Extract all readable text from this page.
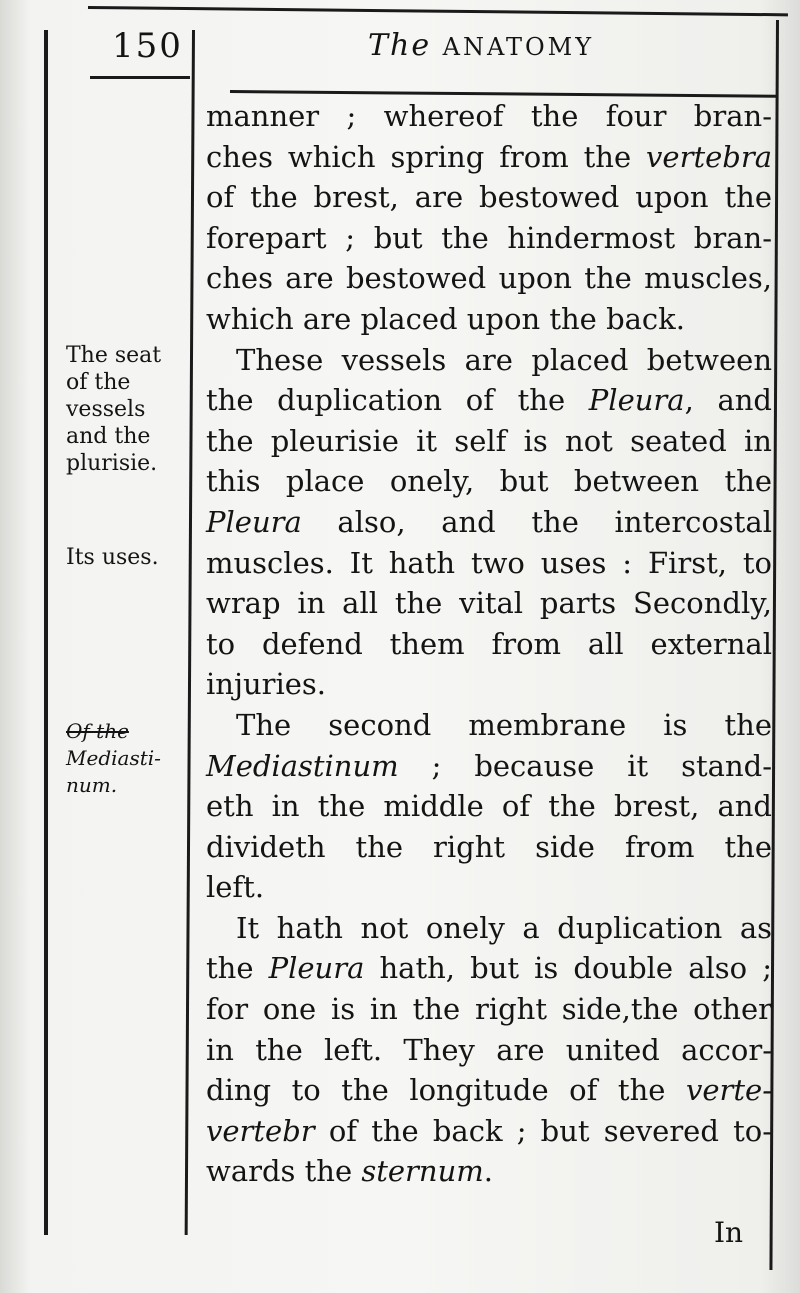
150	The ANATOMY
The seat
of the
vessels
and the
plurisie.
Its uses.
Of the
Mediasti-
num.

manner ; whereof the four bran-
ches which spring from the vertebra
of the brest, are bestowed upon the
forepart ; but the hindermost bran-
ches are bestowed upon the muscles,
which are placed upon the back.

These vessels are placed between
the duplication of the Pleura, and
the pleurisie it self is not seated in
this place onely, but between the
Pleura also, and the intercostal
muscles. It hath two uses : First, to
wrap in all the vital parts Secondly,
to defend them from all external
injuries.

The second membrane is the
Mediastinum ; because it stand-
eth in the middle of the brest, and
divideth the right side from the
left.

It hath not onely a duplication as
the Pleura hath, but is double also ;
for one is in the right side,the other
in the left. They are united accor-
ding to the longitude of the verte-
vertebr of the back ; but severed to-
wards the sternum.

In
